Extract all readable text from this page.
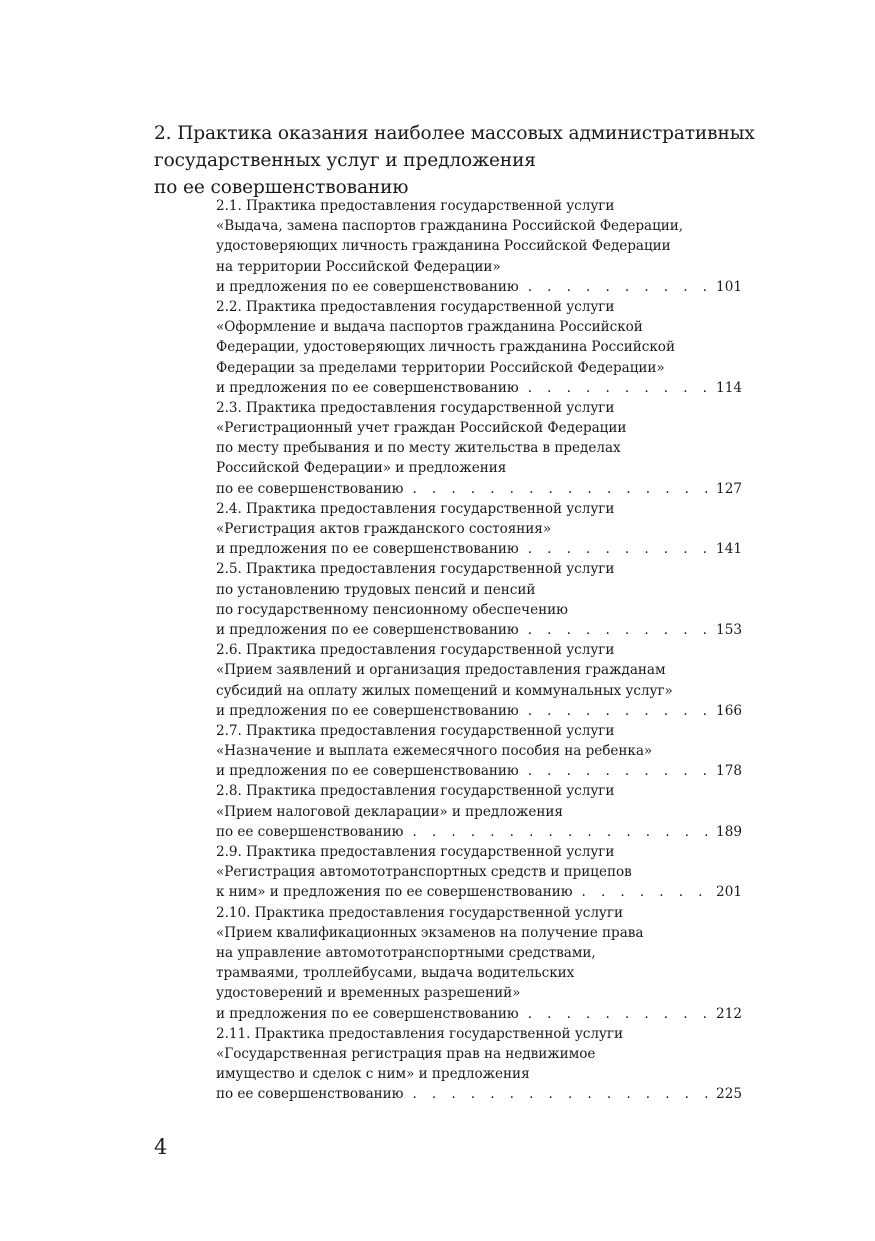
2. Практика оказания наиболее массовых административных
государственных услуг и предложения
по ее совершенствованию
2.1. Практика предоставления государственной услуги
«Выдача, замена паспортов гражданина Российской Федерации,
удостоверяющих личность гражданина Российской Федерации
на территории Российской Федерации»
и предложения по ее совершенствованию . . .	101
2.2. Практика предоставления государственной услуги
«Оформление и выдача паспортов гражданина Российской
Федерации, удостоверяющих личность гражданина Российской
Федерации за пределами территории Российской Федерации»
и предложения по ее совершенствованию . . .	114
2.3. Практика предоставления государственной услуги
«Регистрационный учет граждан Российской Федерации
по месту пребывания и по месту жительства в пределах
Российской Федерации» и предложения
по ее совершенствованию . . .	127
2.4. Практика предоставления государственной услуги
«Регистрация актов гражданского состояния»
и предложения по ее совершенствованию . . .	141
2.5. Практика предоставления государственной услуги
по установлению трудовых пенсий и пенсий
по государственному пенсионному обеспечению
и предложения по ее совершенствованию . . .	153
2.6. Практика предоставления государственной услуги
«Прием заявлений и организация предоставления гражданам
субсидий на оплату жилых помещений и коммунальных услуг»
и предложения по ее совершенствованию . . .	166
2.7. Практика предоставления государственной услуги
«Назначение и выплата ежемесячного пособия на ребенка»
и предложения по ее совершенствованию . . .	178
2.8. Практика предоставления государственной услуги
«Прием налоговой декларации» и предложения
по ее совершенствованию . . .	189
2.9. Практика предоставления государственной услуги
«Регистрация автомототранспортных средств и прицепов
к ним» и предложения по ее совершенствованию . . .	201
2.10. Практика предоставления государственной услуги
«Прием квалификационных экзаменов на получение права
на управление автомототранспортными средствами,
трамваями, троллейбусами, выдача водительских
удостоверений и временных разрешений»
и предложения по ее совершенствованию . . .	212
2.11. Практика предоставления государственной услуги
«Государственная регистрация прав на недвижимое
имущество и сделок с ним» и предложения
по ее совершенствованию . . .	225
4
